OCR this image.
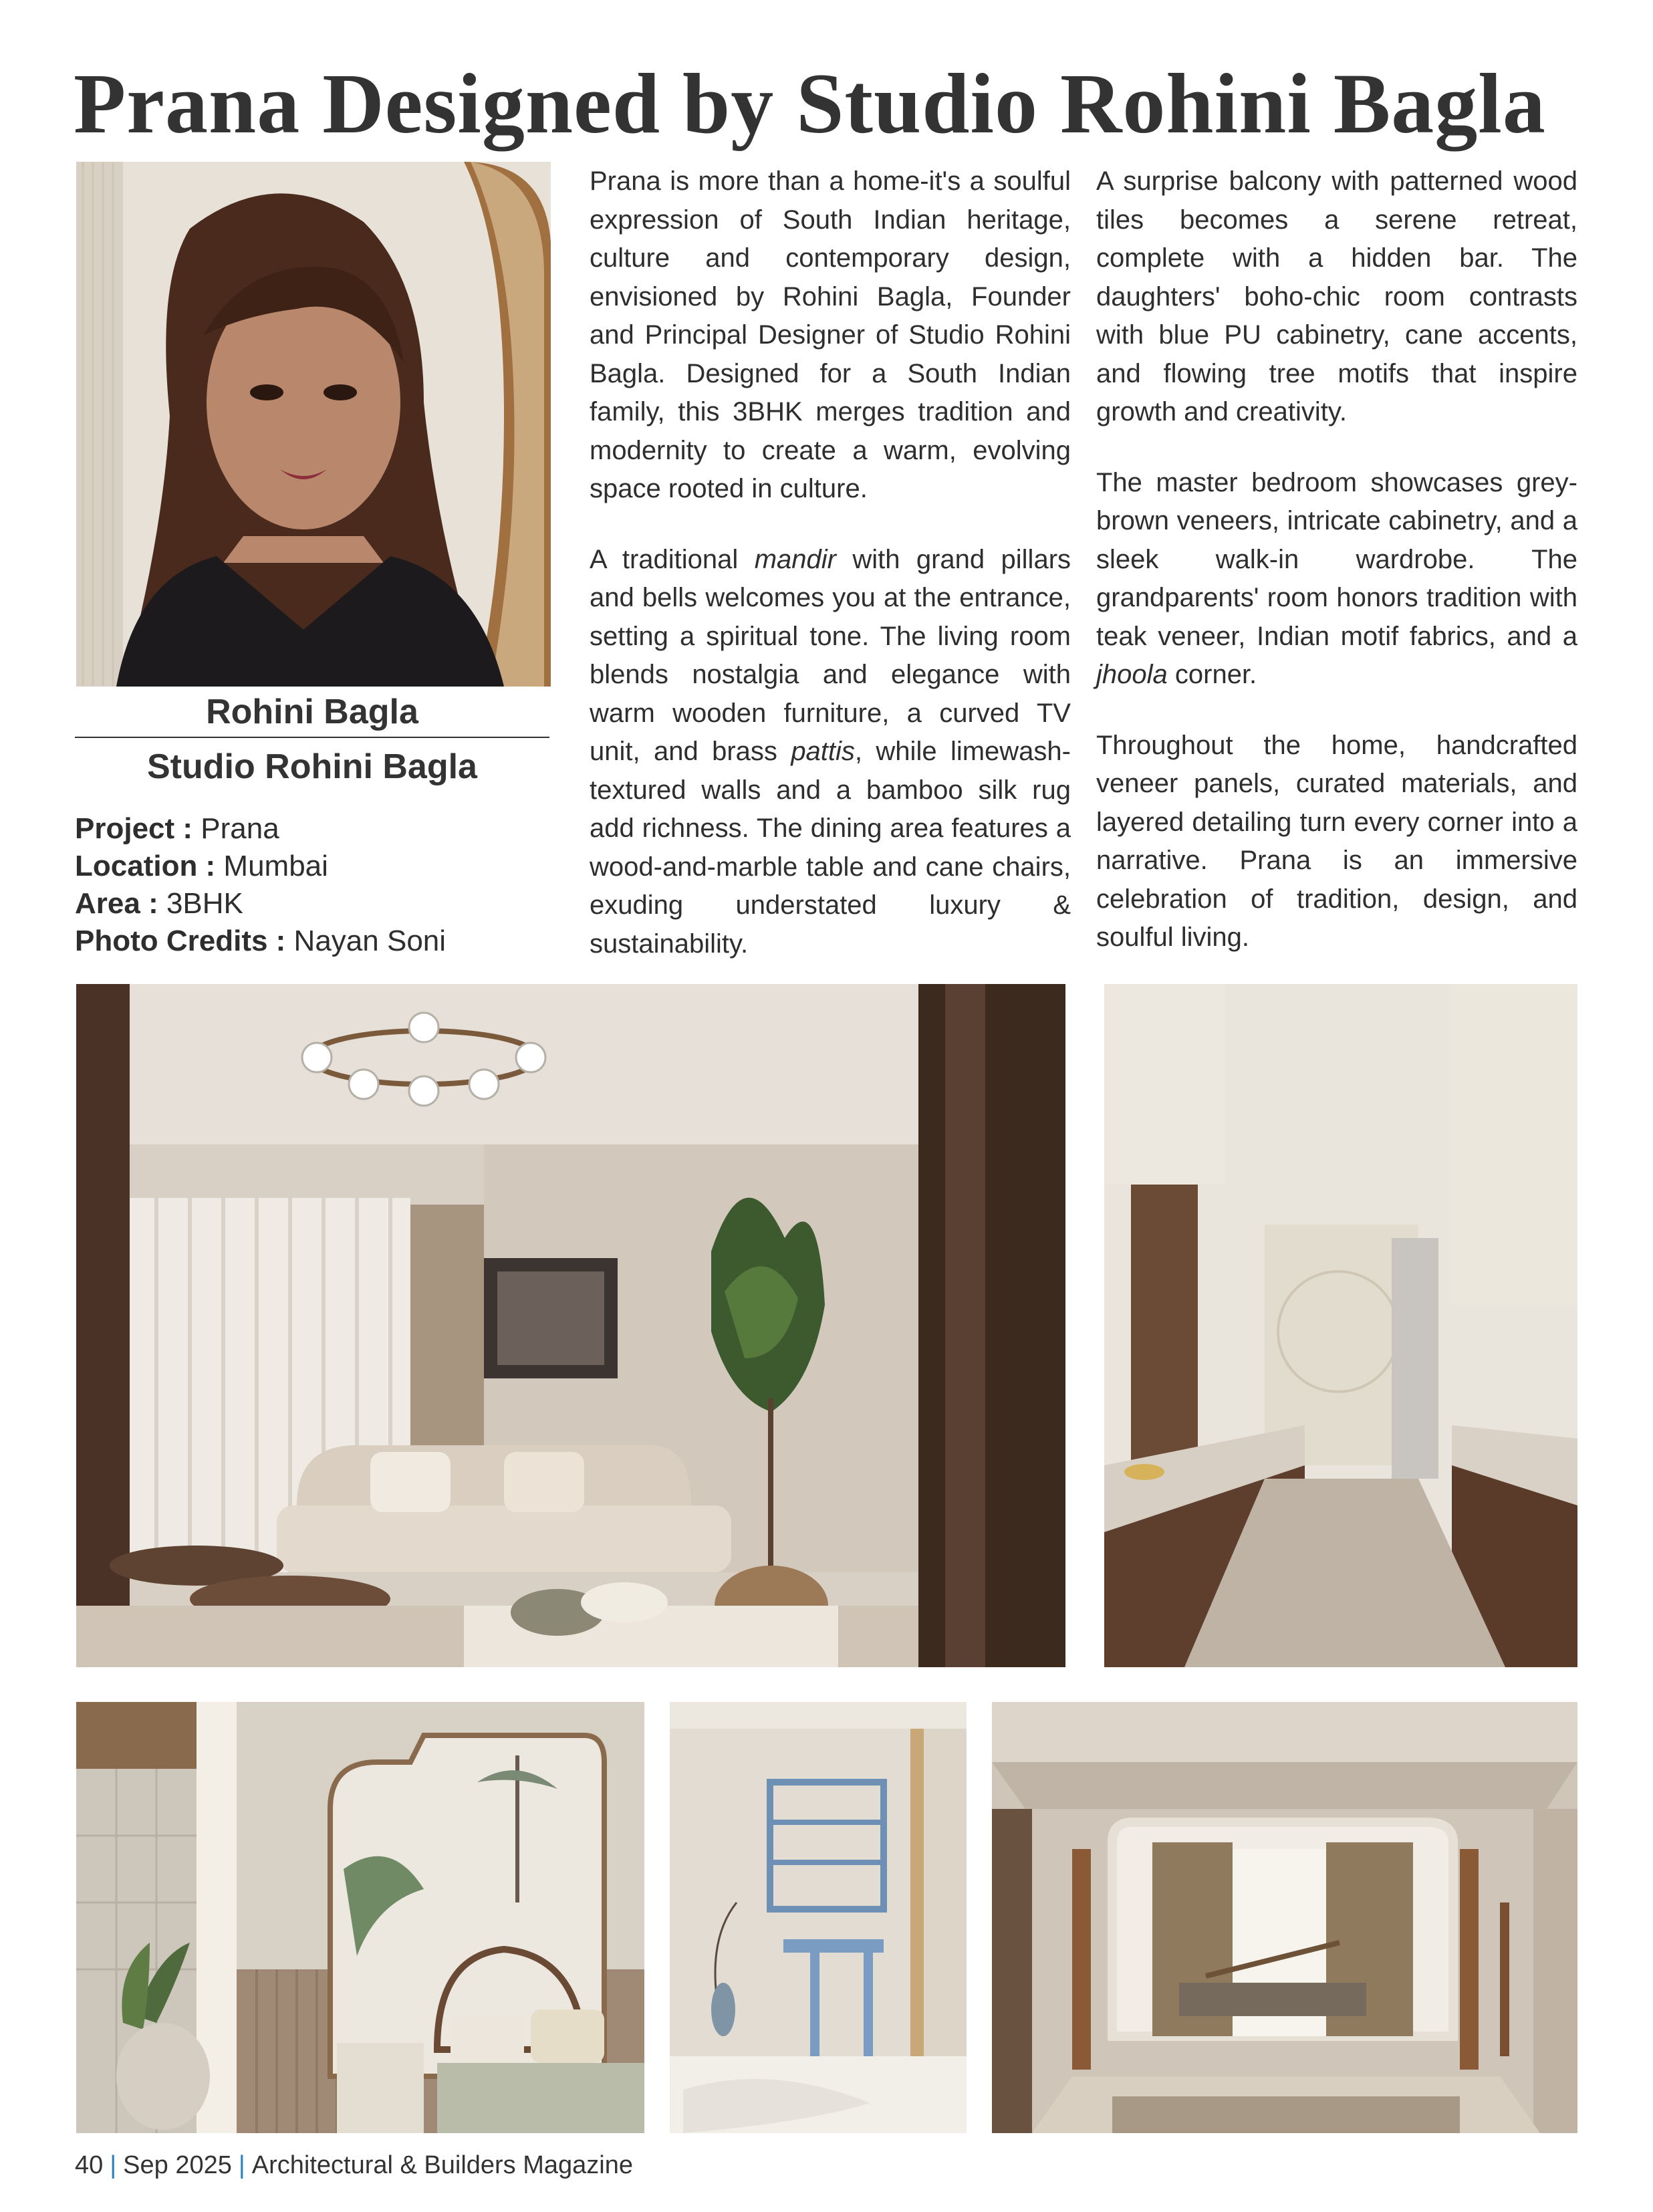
Prana Designed by Studio Rohini Bagla
Rohini Bagla
Studio Rohini Bagla
Project : Prana
Location : Mumbai
Area : 3BHK
Photo Credits : Nayan Soni

Prana is more than a home-it's a soulful expression of South Indian heritage, culture and contemporary design, envisioned by Rohini Bagla, Founder and Principal Designer of Studio Rohini Bagla. Designed for a South Indian family, this 3BHK merges tradition and modernity to create a warm, evolving space rooted in culture.

A traditional mandir with grand pillars and bells welcomes you at the entrance, setting a spiritual tone. The living room blends nostalgia and elegance with warm wooden furniture, a curved TV unit, and brass pattis, while limewash-textured walls and a bamboo silk rug add richness. The dining area features a wood-and-marble table and cane chairs, exuding understated luxury & sustainability.

A surprise balcony with patterned wood tiles becomes a serene retreat, complete with a hidden bar. The daughters' boho-chic room contrasts with blue PU cabinetry, cane accents, and flowing tree motifs that inspire growth and creativity.

The master bedroom showcases grey-brown veneers, intricate cabinetry, and a sleek walk-in wardrobe. The grandparents' room honors tradition with teak veneer, Indian motif fabrics, and a jhoola corner.

Throughout the home, handcrafted veneer panels, curated materials, and layered detailing turn every corner into a narrative. Prana is an immersive celebration of tradition, design, and soulful living.

40 | Sep 2025 | Architectural & Builders Magazine
